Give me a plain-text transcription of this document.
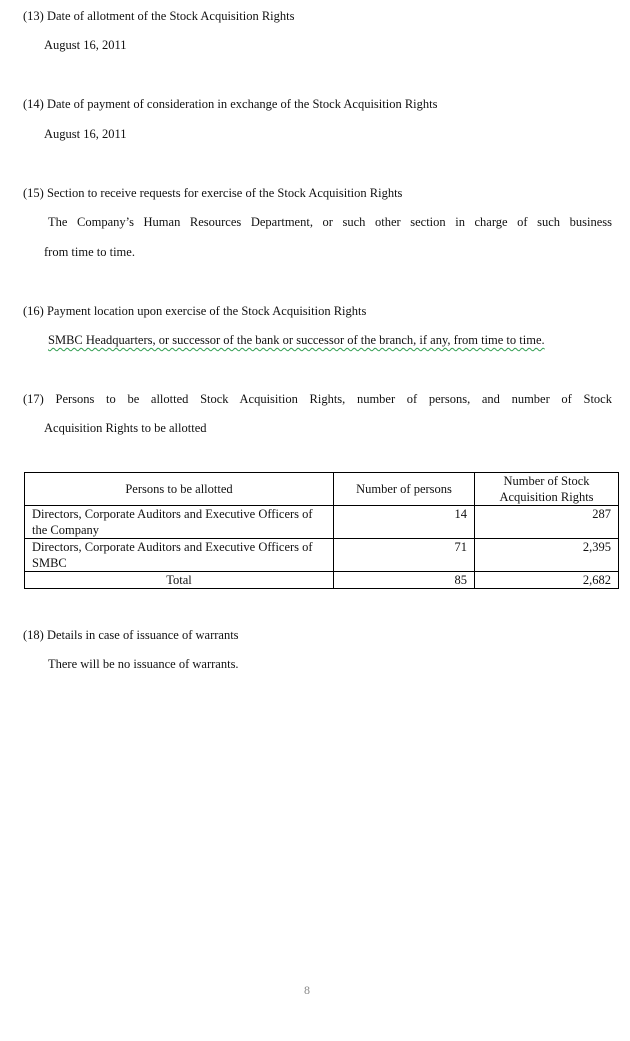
(13) Date of allotment of the Stock Acquisition Rights
August 16, 2011
(14) Date of payment of consideration in exchange of the Stock Acquisition Rights
August 16, 2011
(15) Section to receive requests for exercise of the Stock Acquisition Rights
The Company’s Human Resources Department, or such other section in charge of such business
from time to time.
(16) Payment location upon exercise of the Stock Acquisition Rights
SMBC Headquarters, or successor of the bank or successor of the branch, if any, from time to time.
(17) Persons to be allotted Stock Acquisition Rights, number of persons, and number of Stock
Acquisition Rights to be allotted
Persons to be allotted	Number of persons	Number of Stock Acquisition Rights
Directors, Corporate Auditors and Executive Officers of the Company	14	287
Directors, Corporate Auditors and Executive Officers of SMBC	71	2,395
Total	85	2,682
(18) Details in case of issuance of warrants
There will be no issuance of warrants.
8
